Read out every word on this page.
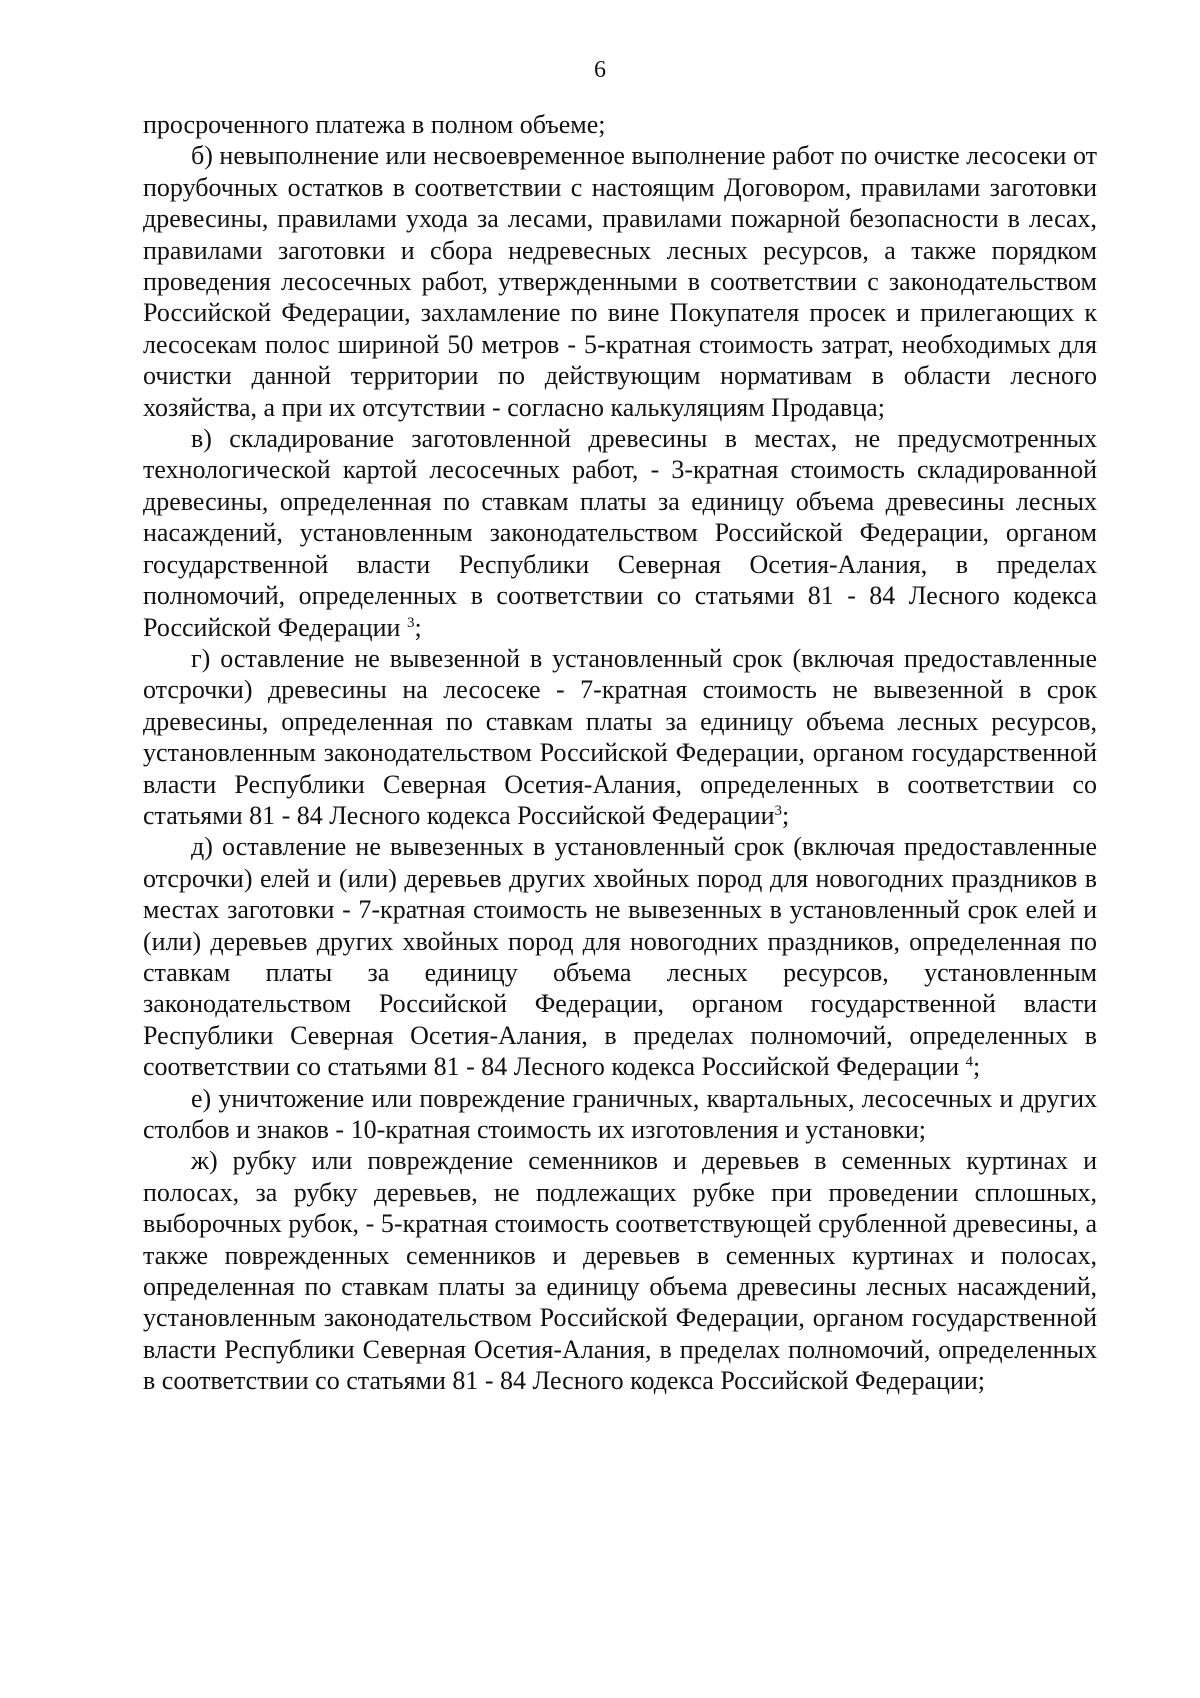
6

просроченного платежа в полном объеме;

б) невыполнение или несвоевременное выполнение работ по очистке лесосеки от порубочных остатков в соответствии с настоящим Договором, правилами заготовки древесины, правилами ухода за лесами, правилами пожарной безопасности в лесах, правилами заготовки и сбора недревесных лесных ресурсов, а также порядком проведения лесосечных работ, утвержденными в соответствии с законодательством Российской Федерации, захламление по вине Покупателя просек и прилегающих к лесосекам полос шириной 50 метров - 5-кратная стоимость затрат, необходимых для очистки данной территории по действующим нормативам в области лесного хозяйства, а при их отсутствии - согласно калькуляциям Продавца;

в) складирование заготовленной древесины в местах, не предусмотренных технологической картой лесосечных работ, - 3-кратная стоимость складированной древесины, определенная по ставкам платы за единицу объема древесины лесных насаждений, установленным законодательством Российской Федерации, органом государственной власти Республики Северная Осетия-Алания, в пределах полномочий, определенных в соответствии со статьями 81 - 84 Лесного кодекса Российской Федерации $^3$;

г) оставление не вывезенной в установленный срок (включая предоставленные отсрочки) древесины на лесосеке - 7-кратная стоимость не вывезенной в срок древесины, определенная по ставкам платы за единицу объема лесных ресурсов, установленным законодательством Российской Федерации, органом государственной власти Республики Северная Осетия-Алания, определенных в соответствии со статьями 81 - 84 Лесного кодекса Российской Федерации$^3$;

д) оставление не вывезенных в установленный срок (включая предоставленные отсрочки) елей и (или) деревьев других хвойных пород для новогодних праздников в местах заготовки - 7-кратная стоимость не вывезенных в установленный срок елей и (или) деревьев других хвойных пород для новогодних праздников, определенная по ставкам платы за единицу объема лесных ресурсов, установленным законодательством Российской Федерации, органом государственной власти Республики Северная Осетия-Алания, в пределах полномочий, определенных в соответствии со статьями 81 - 84 Лесного кодекса Российской Федерации $^4$;

е) уничтожение или повреждение граничных, квартальных, лесосечных и других столбов и знаков - 10-кратная стоимость их изготовления и установки;

ж) рубку или повреждение семенников и деревьев в семенных куртинах и полосах, за рубку деревьев, не подлежащих рубке при проведении сплошных, выборочных рубок, - 5-кратная стоимость соответствующей срубленной древесины, а также поврежденных семенников и деревьев в семенных куртинах и полосах, определенная по ставкам платы за единицу объема древесины лесных насаждений, установленным законодательством Российской Федерации, органом государственной власти Республики Северная Осетия-Алания, в пределах полномочий, определенных в соответствии со статьями 81 - 84 Лесного кодекса Российской Федерации;
